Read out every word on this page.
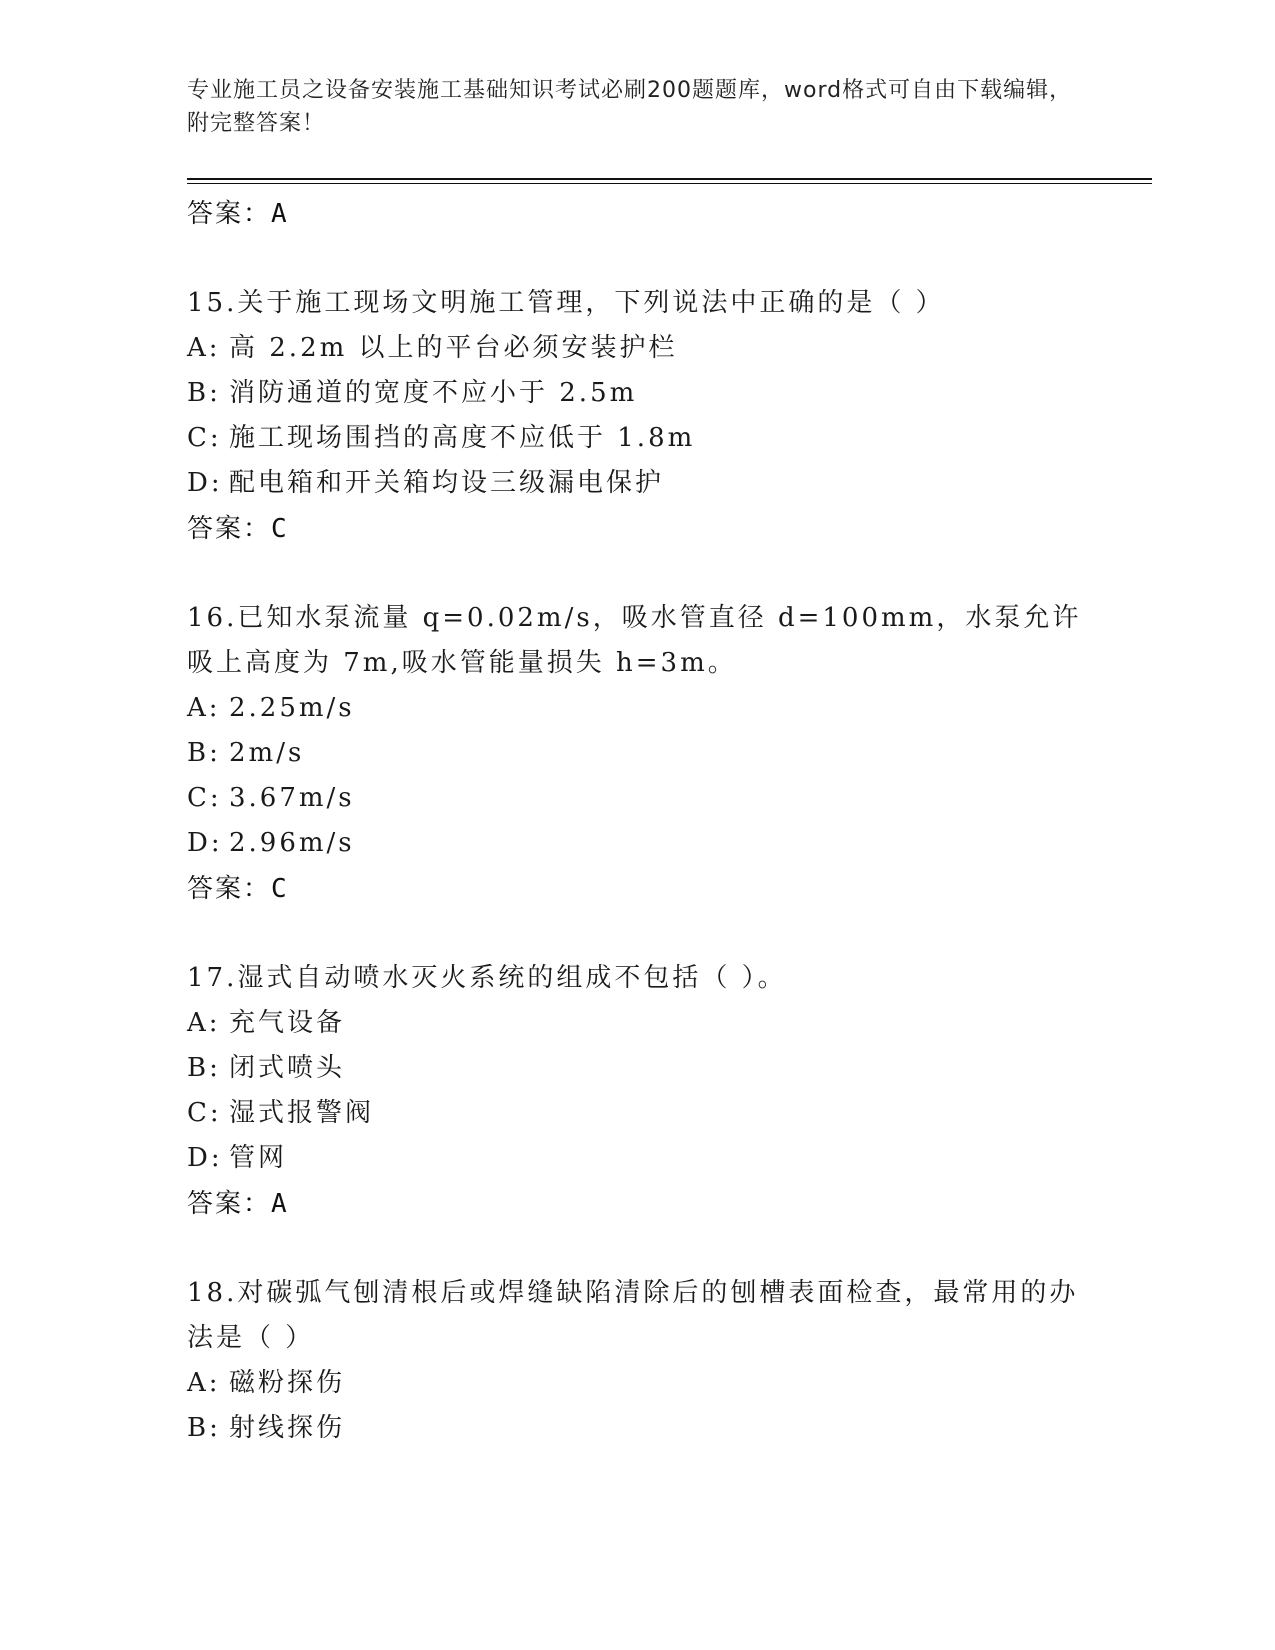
专业施工员之设备安装施工基础知识考试必刷200题题库，word格式可自由下载编辑，附完整答案！
答案：A
15.关于施工现场文明施工管理，下列说法中正确的是（ ）
A: 高 2.2m 以上的平台必须安装护栏
B: 消防通道的宽度不应小于 2.5m
C: 施工现场围挡的高度不应低于 1.8m
D: 配电箱和开关箱均设三级漏电保护
答案：C
16.已知水泵流量 q=0.02m/s，吸水管直径 d=100mm，水泵允许吸上高度为 7m,吸水管能量损失 h=3m。
A: 2.25m/s
B: 2m/s
C: 3.67m/s
D: 2.96m/s
答案：C
17.湿式自动喷水灭火系统的组成不包括（ ）。
A: 充气设备
B: 闭式喷头
C: 湿式报警阀
D: 管网
答案：A
18.对碳弧气刨清根后或焊缝缺陷清除后的刨槽表面检查，最常用的办法是（ ）
A: 磁粉探伤
B: 射线探伤
